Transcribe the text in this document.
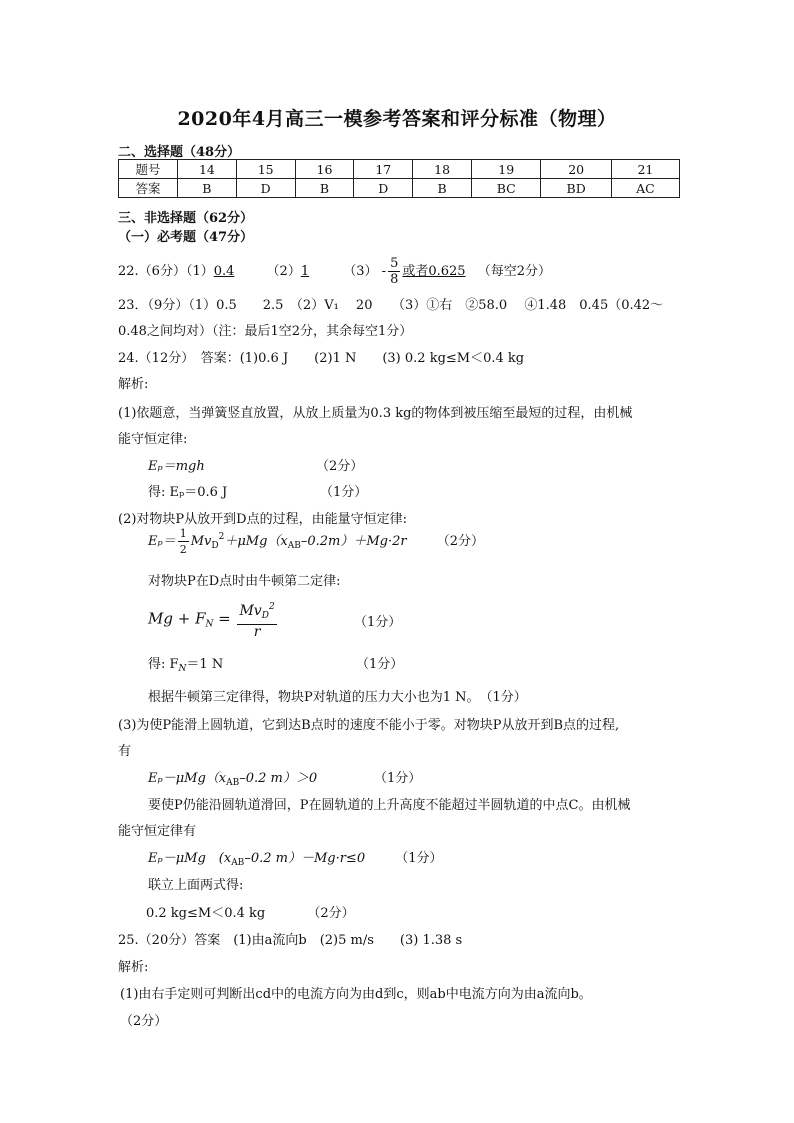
2020年4月高三一模参考答案和评分标准（物理）
二、选择题（48分）
题号	14	15	16	17	18	19	20	21
答案	B	D	B	D	B	BC	BD	AC
三、非选择题（62分）
（一）必考题（47分）
22.（6分）（1）0.4 （2）1	$(3) - \frac{5}{8}$ 或者0.625 （每空2分）
23．（9分）（1）0.5　　2.5　（2）V₁　 20　　（3）①右　②58.0　 ④1.48　0.45（0.42～
0.48之间均对）（注：最后1空2分，其余每空1分）
24.（12分）　答案：(1)0.6 J　　(2)1 N　　(3) 0.2 kg≤M＜0.4 kg
解析:
(1)依题意，当弹簧竖直放置，从放上质量为0.3 kg的物体到被压缩至最短的过程，由机械
能守恒定律:
Eₚ＝mgh	（2分）
得: Eₚ＝0.6 J	（1分）
(2)对物块P从放开到D点的过程，由能量守恒定律:
$E_p= \frac{1}{2} Mv_D^2+\mu Mg(x_{AB}-0.2m)+Mg\cdot 2r$ （2分）
对物块P在D点时由牛顿第二定律:
$Mg + F_N = \frac{Mv_D^2}{r}$	（1分）
得: $F_N=1$ N	（1分）
根据牛顿第三定律得，物块P对轨道的压力大小也为1 N。　（1分）
(3)为使P能滑上圆轨道，它到达B点时的速度不能小于零。对物块P从放开到B点的过程,
有
$E_p-\mu Mg(x_{AB}-0.2$ m）＞0	（1分）
要使P仍能沿圆轨道滑回，P在圆轨道的上升高度不能超过半圆轨道的中点C。由机械
能守恒定律有
Eₚ－μMg　($x_{AB}-0.2$ m）－Mg·r≤0 （1分）
联立上面两式得:
0.2 kg≤M＜0.4 kg	（2分）
25.（20分）答案　(1)由a流向b　(2)5 m/s　　(3) 1.38 s
解析:
(1)由右手定则可判断出cd中的电流方向为由d到c，则ab中电流方向为由a流向b。
（2分）
